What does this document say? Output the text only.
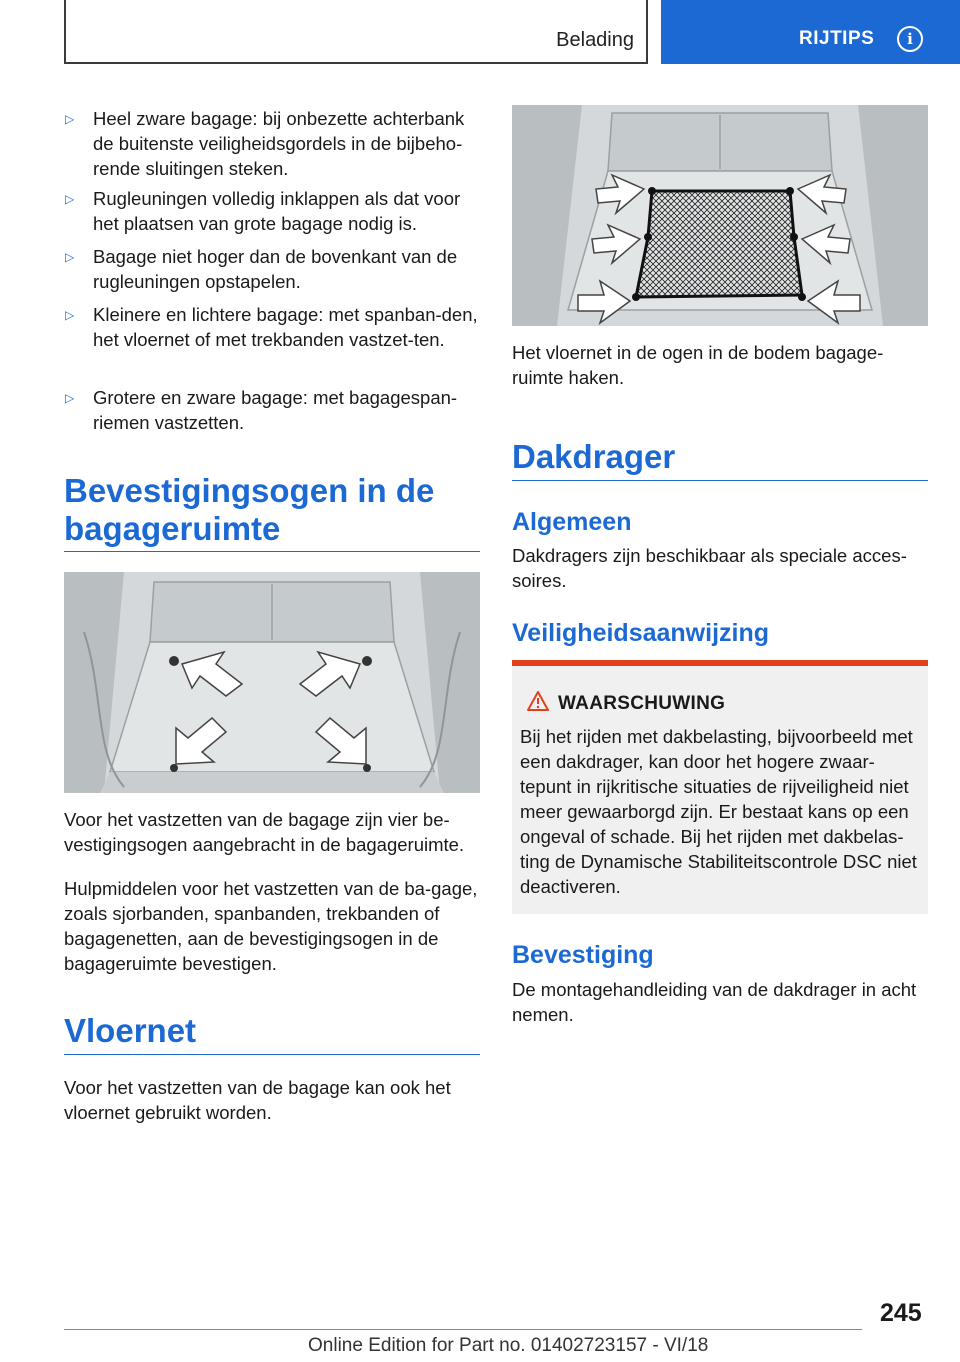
Belading	RIJTIPS	i
▷ Heel zware bagage: bij onbezette achterbank de buitenste veiligheidsgordels in de bijbeho‐rende sluitingen steken.
▷ Rugleuningen volledig inklappen als dat voor het plaatsen van grote bagage nodig is.
▷ Bagage niet hoger dan de bovenkant van de rugleuningen opstapelen.
▷ Kleinere en lichtere bagage: met spanban‐den, het vloernet of met trekbanden vastzet‐ten.
▷ Grotere en zware bagage: met bagagespan‐riemen vastzetten.
Bevestigingsogen in de bagageruimte
Voor het vastzetten van de bagage zijn vier be‐vestigingsogen aangebracht in de bagageruimte.
Hulpmiddelen voor het vastzetten van de ba‐gage, zoals sjorbanden, spanbanden, trekbanden of bagagenetten, aan de bevestigingsogen in de bagageruimte bevestigen.
Vloernet
Voor het vastzetten van de bagage kan ook het vloernet gebruikt worden.
Het vloernet in de ogen in de bodem bagage‐ruimte haken.
Dakdrager
Algemeen
Dakdragers zijn beschikbaar als speciale acces‐soires.
Veiligheidsaanwijzing
WAARSCHUWING
Bij het rijden met dakbelasting, bijvoorbeeld met een dakdrager, kan door het hogere zwaar‐tepunt in rijkritische situaties de rijveiligheid niet meer gewaarborgd zijn. Er bestaat kans op een ongeval of schade. Bij het rijden met dakbelas‐ting de Dynamische Stabiliteitscontrole DSC niet deactiveren.
Bevestiging
De montagehandleiding van de dakdrager in acht nemen.
245
Online Edition for Part no. 01402723157 - VI/18
